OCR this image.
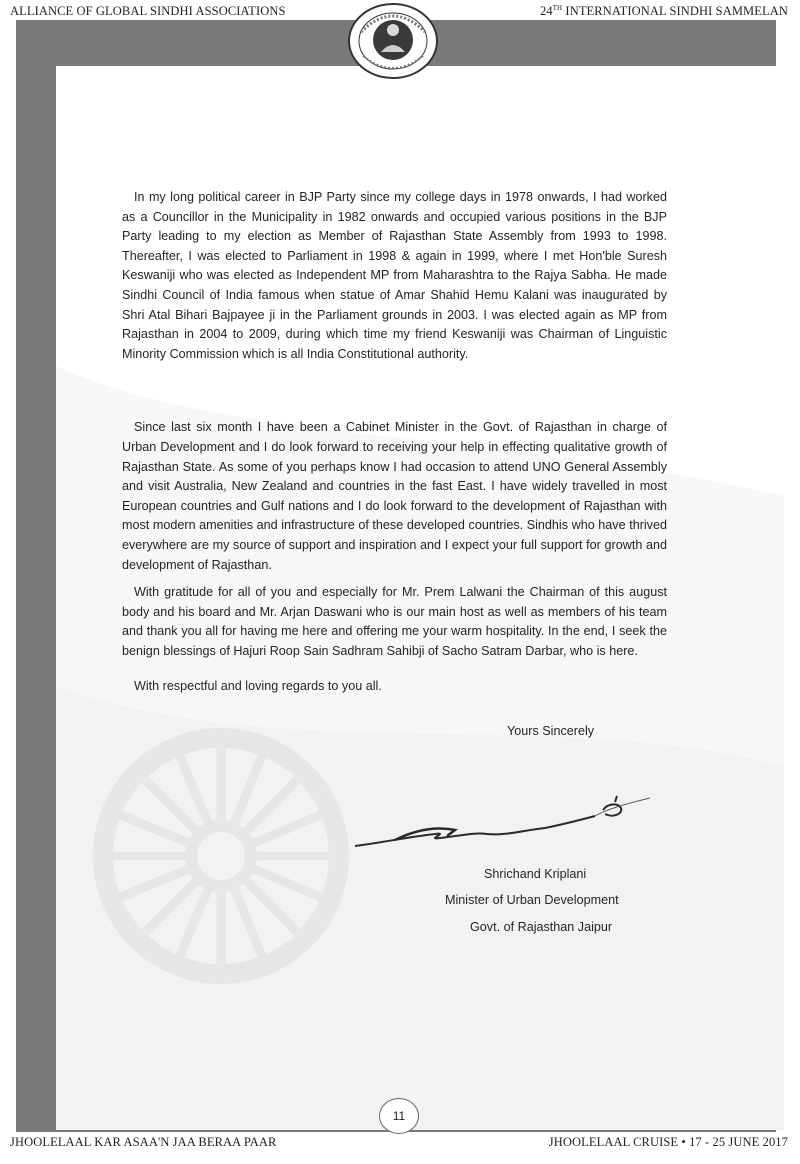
ALLIANCE OF GLOBAL SINDHI ASSOCIATIONS	24TH INTERNATIONAL SINDHI SAMMELAN

In my long political career in BJP Party since my college days in 1978 onwards, I had worked as a Councillor in the Municipality in 1982 onwards and occupied various positions in the BJP Party leading to my election as Member of Rajasthan State Assembly from 1993 to 1998. Thereafter, I was elected to Parliament in 1998 & again in 1999, where I met Hon'ble Suresh Keswaniji who was elected as Independent MP from Maharashtra to the Rajya Sabha. He made Sindhi Council of India famous when statue of Amar Shahid Hemu Kalani was inaugurated by Shri Atal Bihari Bajpayee ji in the Parliament grounds in 2003. I was elected again as MP from Rajasthan in 2004 to 2009, during which time my friend Keswaniji was Chairman of Linguistic Minority Commission which is all India Constitutional authority.

Since last six month I have been a Cabinet Minister in the Govt. of Rajasthan in charge of Urban Development and I do look forward to receiving your help in effecting qualitative growth of Rajasthan State. As some of you perhaps know I had occasion to attend UNO General Assembly and visit Australia, New Zealand and countries in the fast East. I have widely travelled in most European countries and Gulf nations and I do look forward to the development of Rajasthan with most modern amenities and infrastructure of these developed countries. Sindhis who have thrived everywhere are my source of support and inspiration and I expect your full support for growth and development of Rajasthan.

With gratitude for all of you and especially for Mr. Prem Lalwani the Chairman of this august body and his board and Mr. Arjan Daswani who is our main host as well as members of his team and thank you all for having me here and offering me your warm hospitality. In the end, I seek the benign blessings of Hajuri Roop Sain Sadhram Sahibji of Sacho Satram Darbar, who is here.

With respectful and loving regards to you all.

Yours Sincerely
Shrichand Kriplani
Minister of Urban Development
Govt. of Rajasthan Jaipur
11
JHOOLELAAL KAR ASAA'N JAA BERAA PAAR	JHOOLELAAL CRUISE • 17 - 25 JUNE 2017
